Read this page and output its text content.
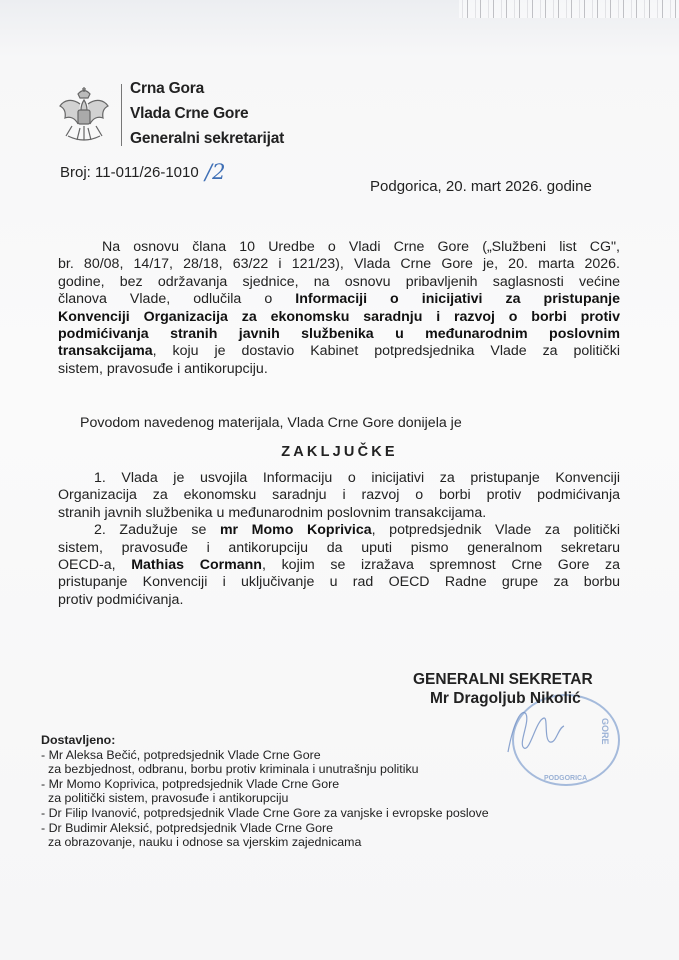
Crna Gora
Vlada Crne Gore
Generalni sekretarijat
Broj: 11-011/26-1010 /2
Podgorica, 20. mart 2026. godine
Na osnovu člana 10 Uredbe o Vladi Crne Gore („Službeni list CG",
br. 80/08, 14/17, 28/18, 63/22 i 121/23), Vlada Crne Gore je, 20. marta 2026.
godine, bez održavanja sjednice, na osnovu pribavljenih saglasnosti većine
članova Vlade, odlučila o Informaciji o inicijativi za pristupanje
Konvenciji Organizacija za ekonomsku saradnju i razvoj o borbi protiv
podmićivanja stranih javnih službenika u međunarodnim poslovnim
transakcijama, koju je dostavio Kabinet potpredsjednika Vlade za politički
sistem, pravosuđe i antikorupciju.
Povodom navedenog materijala, Vlada Crne Gore donijela je
ZAKLJUČKE
1. Vlada je usvojila Informaciju o inicijativi za pristupanje Konvenciji
Organizacija za ekonomsku saradnju i razvoj o borbi protiv podmićivanja
stranih javnih službenika u međunarodnim poslovnim transakcijama.
2. Zadužuje se mr Momo Koprivica, potpredsjednik Vlade za politički
sistem, pravosuđe i antikorupciju da uputi pismo generalnom sekretaru
OECD-a, Mathias Cormann, kojim se izražava spremnost Crne Gore za
pristupanje Konvenciji i uključivanje u rad OECD Radne grupe za borbu
protiv podmićivanja.
GORE
PODGORICA
GENERALNI SEKRETAR
Mr Dragoljub Nikolić
Dostavljeno:
- Mr Aleksa Bečić, potpredsjednik Vlade Crne Gore
za bezbjednost, odbranu, borbu protiv kriminala i unutrašnju politiku
- Mr Momo Koprivica, potpredsjednik Vlade Crne Gore
za politički sistem, pravosuđe i antikorupciju
- Dr Filip Ivanović, potpredsjednik Vlade Crne Gore za vanjske i evropske poslove
- Dr Budimir Aleksić, potpredsjednik Vlade Crne Gore
za obrazovanje, nauku i odnose sa vjerskim zajednicama
